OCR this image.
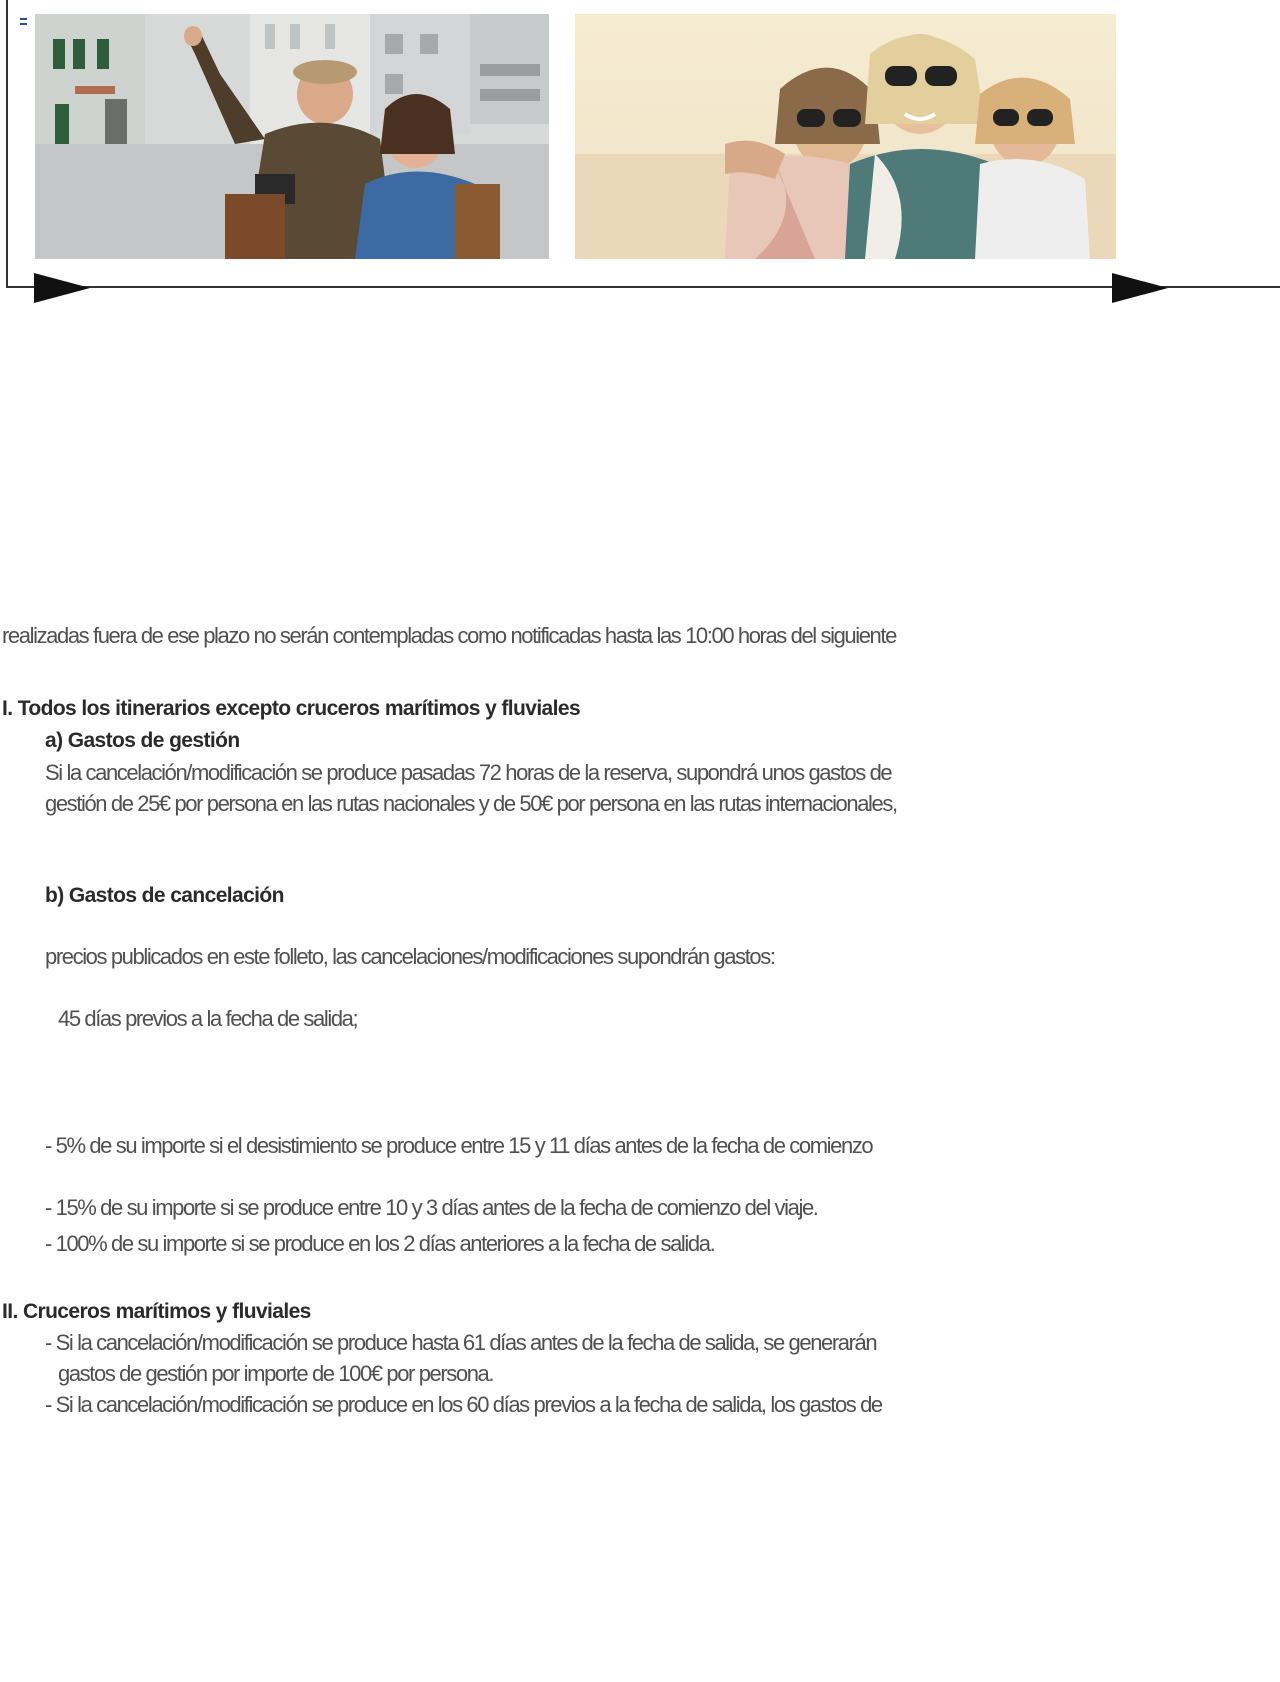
realizadas fuera de ese plazo no serán contempladas como notificadas hasta las 10:00 horas del siguiente
I. Todos los itinerarios excepto cruceros marítimos y fluviales
a) Gastos de gestión
Si la cancelación/modificación se produce pasadas 72 horas de la reserva, supondrá unos gastos de
gestión de 25€ por persona en las rutas nacionales y de 50€ por persona en las rutas internacionales,
b) Gastos de cancelación
precios publicados en este folleto, las cancelaciones/modificaciones supondrán gastos:
45 días previos a la fecha de salida;
- 5% de su importe si el desistimiento se produce entre 15 y 11 días antes de la fecha de comienzo
- 15% de su importe si se produce entre 10 y 3 días antes de la fecha de comienzo del viaje.
- 100% de su importe si se produce en los 2 días anteriores a la fecha de salida.
II. Cruceros marítimos y fluviales
- Si la cancelación/modificación se produce hasta 61 días antes de la fecha de salida, se generarán
gastos de gestión por importe de 100€ por persona.
- Si la cancelación/modificación se produce en los 60 días previos a la fecha de salida, los gastos de
